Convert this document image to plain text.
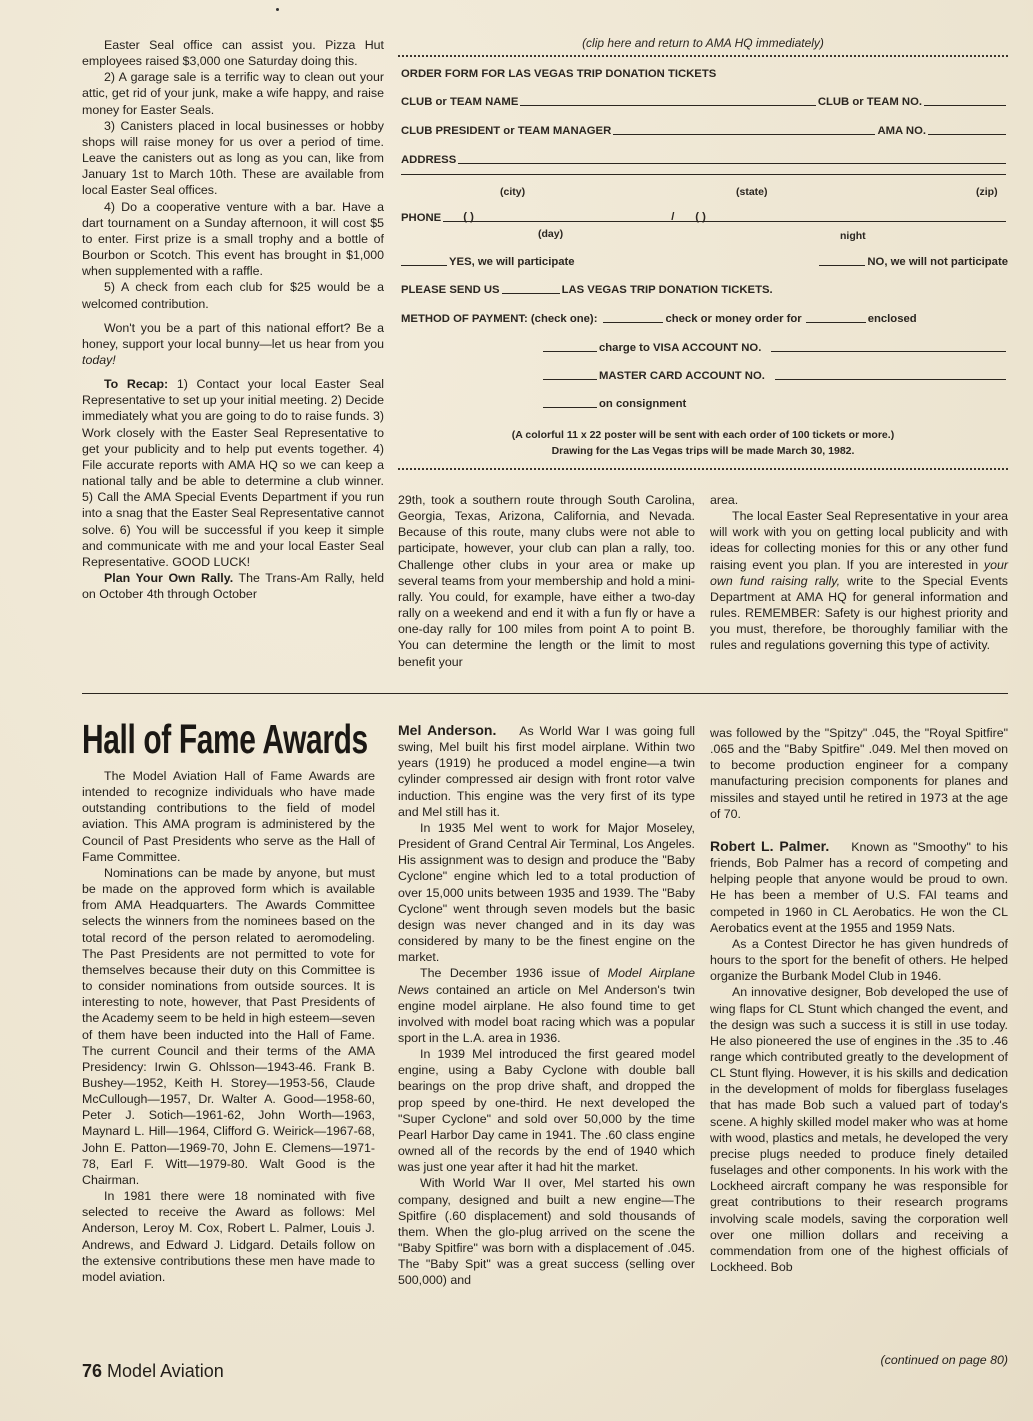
Easter Seal office can assist you. Pizza Hut employees raised $3,000 one Saturday doing this.

2) A garage sale is a terrific way to clean out your attic, get rid of your junk, make a wife happy, and raise money for Easter Seals.

3) Canisters placed in local businesses or hobby shops will raise money for us over a period of time. Leave the canisters out as long as you can, like from January 1st to March 10th. These are available from local Easter Seal offices.

4) Do a cooperative venture with a bar. Have a dart tournament on a Sunday afternoon, it will cost $5 to enter. First prize is a small trophy and a bottle of Bourbon or Scotch. This event has brought in $1,000 when supplemented with a raffle.

5) A check from each club for $25 would be a welcomed contribution.

Won't you be a part of this national effort? Be a honey, support your local bunny—let us hear from you today!

To Recap: 1) Contact your local Easter Seal Representative to set up your initial meeting. 2) Decide immediately what you are going to do to raise funds. 3) Work closely with the Easter Seal Representative to get your publicity and to help put events together. 4) File accurate reports with AMA HQ so we can keep a national tally and be able to determine a club winner. 5) Call the AMA Special Events Department if you run into a snag that the Easter Seal Representative cannot solve. 6) You will be successful if you keep it simple and communicate with me and your local Easter Seal Representative. GOOD LUCK!

Plan Your Own Rally. The Trans-Am Rally, held on October 4th through October

(clip here and return to AMA HQ immediately)
ORDER FORM FOR LAS VEGAS TRIP DONATION TICKETS
CLUB or TEAM NAME	CLUB or TEAM NO.
CLUB PRESIDENT or TEAM MANAGER	AMA NO.
ADDRESS
(city)	(state)	(zip)
PHONE ( )	/ ( )
(day)	night
YES, we will participate	NO, we will not participate
PLEASE SEND US	LAS VEGAS TRIP DONATION TICKETS.
METHOD OF PAYMENT: (check one):	check or money order for	enclosed
charge to VISA ACCOUNT NO.
MASTER CARD ACCOUNT NO.
on consignment
(A colorful 11 x 22 poster will be sent with each order of 100 tickets or more.)
Drawing for the Las Vegas trips will be made March 30, 1982.

29th, took a southern route through South Carolina, Georgia, Texas, Arizona, California, and Nevada. Because of this route, many clubs were not able to participate, however, your club can plan a rally, too. Challenge other clubs in your area or make up several teams from your membership and hold a mini-rally. You could, for example, have either a two-day rally on a weekend and end it with a fun fly or have a one-day rally for 100 miles from point A to point B. You can determine the length or the limit to most benefit your

area.

The local Easter Seal Representative in your area will work with you on getting local publicity and with ideas for collecting monies for this or any other fund raising event you plan. If you are interested in your own fund raising rally, write to the Special Events Department at AMA HQ for general information and rules. REMEMBER: Safety is our highest priority and you must, therefore, be thoroughly familiar with the rules and regulations governing this type of activity.

Hall of Fame Awards

The Model Aviation Hall of Fame Awards are intended to recognize individuals who have made outstanding contributions to the field of model aviation. This AMA program is administered by the Council of Past Presidents who serve as the Hall of Fame Committee.

Nominations can be made by anyone, but must be made on the approved form which is available from AMA Headquarters. The Awards Committee selects the winners from the nominees based on the total record of the person related to aeromodeling. The Past Presidents are not permitted to vote for themselves because their duty on this Committee is to consider nominations from outside sources. It is interesting to note, however, that Past Presidents of the Academy seem to be held in high esteem—seven of them have been inducted into the Hall of Fame. The current Council and their terms of the AMA Presidency: Irwin G. Ohlsson—1943-46. Frank B. Bushey—1952, Keith H. Storey—1953-56, Claude McCullough—1957, Dr. Walter A. Good—1958-60, Peter J. Sotich—1961-62, John Worth—1963, Maynard L. Hill—1964, Clifford G. Weirick—1967-68, John E. Patton—1969-70, John E. Clemens—1971-78, Earl F. Witt—1979-80. Walt Good is the Chairman.

In 1981 there were 18 nominated with five selected to receive the Award as follows: Mel Anderson, Leroy M. Cox, Robert L. Palmer, Louis J. Andrews, and Edward J. Lidgard. Details follow on the extensive contributions these men have made to model aviation.

Mel Anderson.    As World War I was going full swing, Mel built his first model airplane. Within two years (1919) he produced a model engine—a twin cylinder compressed air design with front rotor valve induction. This engine was the very first of its type and Mel still has it.

In 1935 Mel went to work for Major Moseley, President of Grand Central Air Terminal, Los Angeles. His assignment was to design and produce the "Baby Cyclone" engine which led to a total production of over 15,000 units between 1935 and 1939. The "Baby Cyclone" went through seven models but the basic design was never changed and in its day was considered by many to be the finest engine on the market.

The December 1936 issue of Model Airplane News contained an article on Mel Anderson's twin engine model airplane. He also found time to get involved with model boat racing which was a popular sport in the L.A. area in 1936.

In 1939 Mel introduced the first geared model engine, using a Baby Cyclone with double ball bearings on the prop drive shaft, and dropped the prop speed by one-third. He next developed the "Super Cyclone" and sold over 50,000 by the time Pearl Harbor Day came in 1941. The .60 class engine owned all of the records by the end of 1940 which was just one year after it had hit the market.

With World War II over, Mel started his own company, designed and built a new engine—The Spitfire (.60 displacement) and sold thousands of them. When the glo-plug arrived on the scene the "Baby Spitfire" was born with a displacement of .045. The "Baby Spit" was a great success (selling over 500,000) and

was followed by the "Spitzy" .045, the "Royal Spitfire" .065 and the "Baby Spitfire" .049. Mel then moved on to become production engineer for a company manufacturing precision components for planes and missiles and stayed until he retired in 1973 at the age of 70.

Robert L. Palmer.    Known as "Smoothy" to his friends, Bob Palmer has a record of competing and helping people that anyone would be proud to own. He has been a member of U.S. FAI teams and competed in 1960 in CL Aerobatics. He won the CL Aerobatics event at the 1955 and 1959 Nats.

As a Contest Director he has given hundreds of hours to the sport for the benefit of others. He helped organize the Burbank Model Club in 1946.

An innovative designer, Bob developed the use of wing flaps for CL Stunt which changed the event, and the design was such a success it is still in use today. He also pioneered the use of engines in the .35 to .46 range which contributed greatly to the development of CL Stunt flying. However, it is his skills and dedication in the development of molds for fiberglass fuselages that has made Bob such a valued part of today's scene. A highly skilled model maker who was at home with wood, plastics and metals, he developed the very precise plugs needed to produce finely detailed fuselages and other components. In his work with the Lockheed aircraft company he was responsible for great contributions to their research programs involving scale models, saving the corporation well over one million dollars and receiving a commendation from one of the highest officials of Lockheed. Bob

(continued on page 80)
76 Model Aviation
